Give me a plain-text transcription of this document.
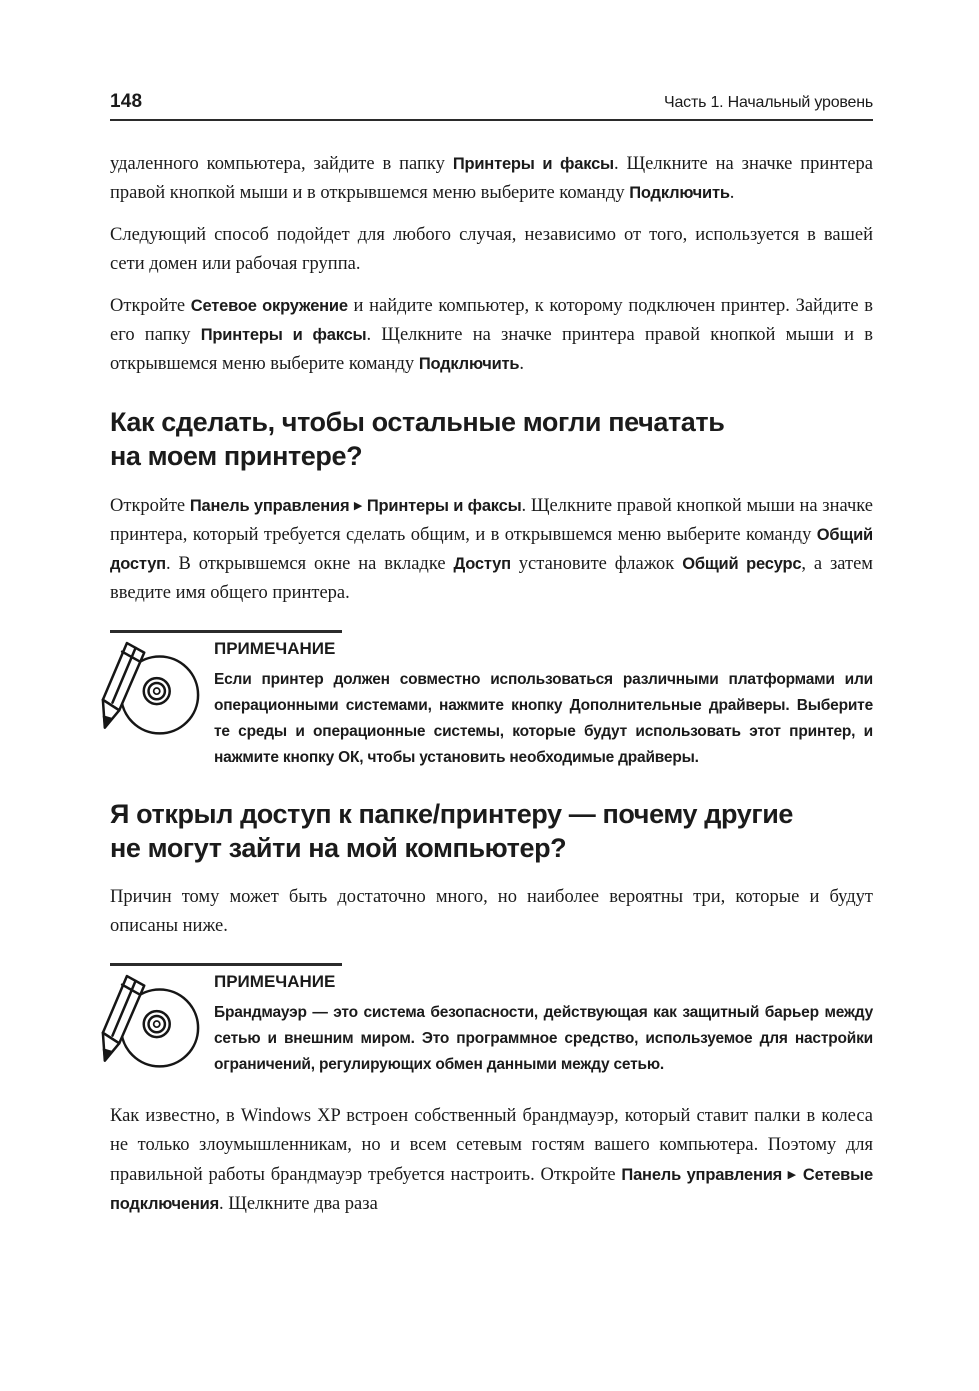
148	Часть 1. Начальный уровень

удаленного компьютера, зайдите в папку Принтеры и факсы. Щелкните на значке принтера правой кнопкой мыши и в открывшемся меню выберите команду Подключить.

Следующий способ подойдет для любого случая, независимо от того, используется в вашей сети домен или рабочая группа.

Откройте Сетевое окружение и найдите компьютер, к которому подключен принтер. Зайдите в его папку Принтеры и факсы. Щелкните на значке принтера правой кнопкой мыши и в открывшемся меню выберите команду Подключить.

Как сделать, чтобы остальные могли печатать
на моем принтере?

Откройте Панель управления ▶ Принтеры и факсы. Щелкните правой кнопкой мыши на значке принтера, который требуется сделать общим, и в открывшемся меню выберите команду Общий доступ. В открывшемся окне на вкладке Доступ установите флажок Общий ресурс, а затем введите имя общего принтера.

ПРИМЕЧАНИЕ

Если принтер должен совместно использоваться различными платформами или операционными системами, нажмите кнопку Дополнительные драйверы. Выберите те среды и операционные системы, которые будут использовать этот принтер, и нажмите кнопку ОК, чтобы установить необходимые драйверы.

Я открыл доступ к папке/принтеру — почему другие
не могут зайти на мой компьютер?

Причин тому может быть достаточно много, но наиболее вероятны три, которые и будут описаны ниже.

ПРИМЕЧАНИЕ

Брандмауэр — это система безопасности, действующая как защитный барьер между сетью и внешним миром. Это программное средство, используемое для настройки ограничений, регулирующих обмен данными между сетью.

Как известно, в Windows XP встроен собственный брандмауэр, который ставит палки в колеса не только злоумышленникам, но и всем сетевым гостям вашего компьютера. Поэтому для правильной работы брандмауэр требуется настроить. Откройте Панель управления ▶ Сетевые подключения. Щелкните два раза
